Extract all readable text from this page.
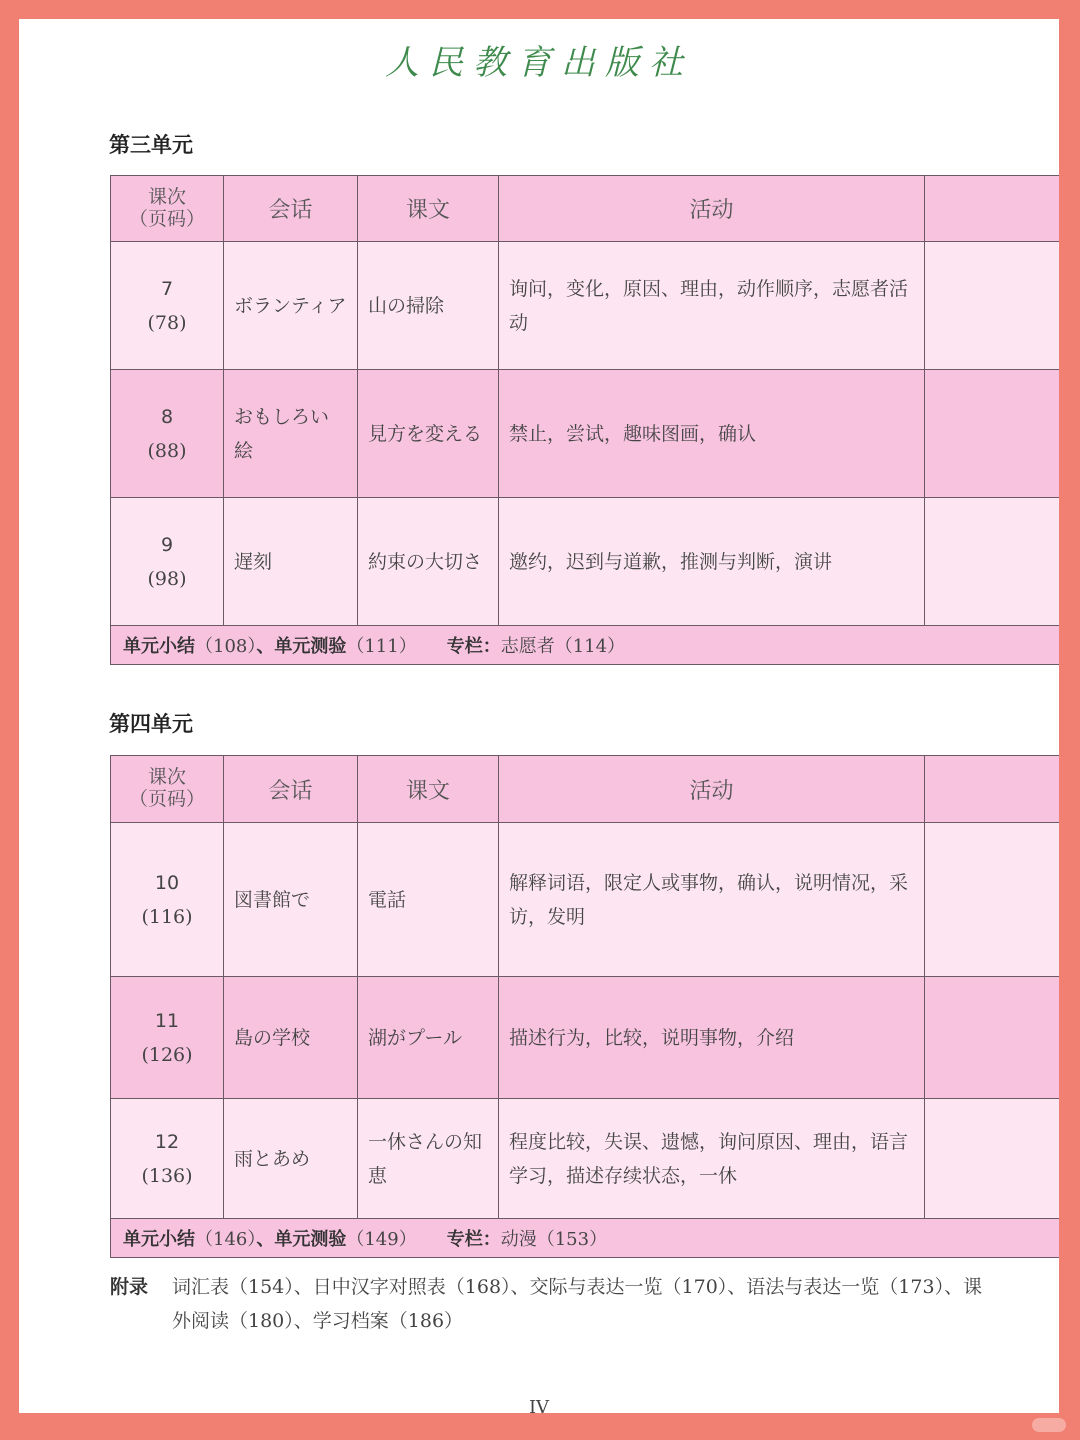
人民教育出版社
第三单元
课次
（页码）	会话	课文	活动	

7
(78)	ボランティア	山の掃除	询问，变化，原因、理由，动作顺序，志愿者活动	

8
(88)	おもしろい絵	見方を変える	禁止，尝试，趣味图画，确认	

9
(98)	遅刻	約束の大切さ	邀约，迟到与道歉，推测与判断，演讲	
单元小结（108）、单元测验（111） 专栏：志愿者（114）				
第四单元
课次
（页码）	会话	课文	活动	

10
(116)	図書館で	電話	解释词语，限定人或事物，确认，说明情况，采访，发明	

11
(126)	島の学校	湖がプール	描述行为，比较，说明事物，介绍	

12
(136)	雨とあめ	一休さんの知恵	程度比较，失误、遗憾，询问原因、理由，语言学习，描述存续状态，一休	
单元小结（146）、单元测验（149） 专栏：动漫（153）				
附录 词汇表（154）、日中汉字对照表（168）、交际与表达一览（170）、语法与表达一览（173）、课外阅读（180）、学习档案（186）
IV
